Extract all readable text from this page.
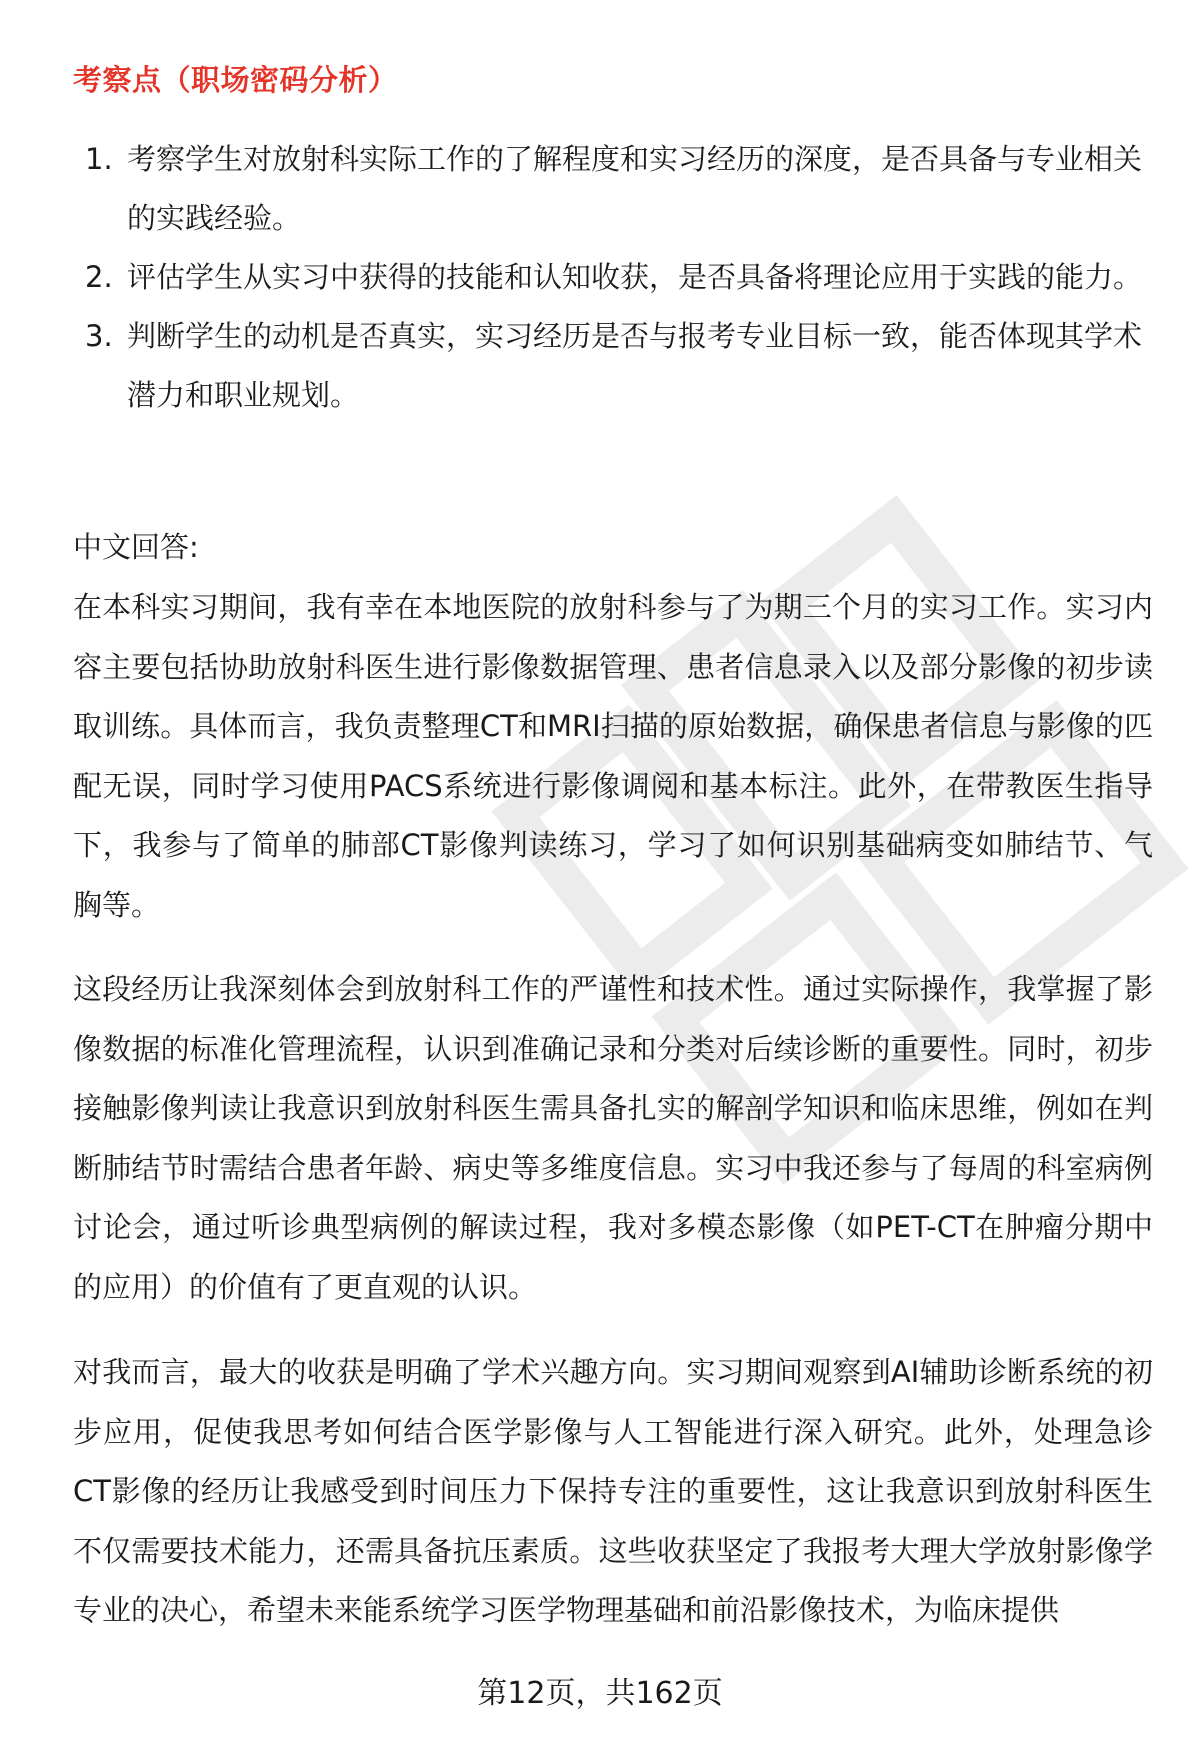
考察点（职场密码分析）
1. 考察学生对放射科实际工作的了解程度和实习经历的深度，是否具备与专业相关的实践经验。
2. 评估学生从实习中获得的技能和认知收获，是否具备将理论应用于实践的能力。
3. 判断学生的动机是否真实，实习经历是否与报考专业目标一致，能否体现其学术潜力和职业规划。
中文回答:

在本科实习期间，我有幸在本地医院的放射科参与了为期三个月的实习工作。实习内容主要包括协助放射科医生进行影像数据管理、患者信息录入以及部分影像的初步读取训练。具体而言，我负责整理CT和MRI扫描的原始数据，确保患者信息与影像的匹配无误，同时学习使用PACS系统进行影像调阅和基本标注。此外，在带教医生指导下，我参与了简单的肺部CT影像判读练习，学习了如何识别基础病变如肺结节、气胸等。

这段经历让我深刻体会到放射科工作的严谨性和技术性。通过实际操作，我掌握了影像数据的标准化管理流程，认识到准确记录和分类对后续诊断的重要性。同时，初步接触影像判读让我意识到放射科医生需具备扎实的解剖学知识和临床思维，例如在判断肺结节时需结合患者年龄、病史等多维度信息。实习中我还参与了每周的科室病例讨论会，通过听诊典型病例的解读过程，我对多模态影像（如PET-CT在肿瘤分期中的应用）的价值有了更直观的认识。

对我而言，最大的收获是明确了学术兴趣方向。实习期间观察到AI辅助诊断系统的初步应用，促使我思考如何结合医学影像与人工智能进行深入研究。此外，处理急诊CT影像的经历让我感受到时间压力下保持专注的重要性，这让我意识到放射科医生不仅需要技术能力，还需具备抗压素质。这些收获坚定了我报考大理大学放射影像学专业的决心，希望未来能系统学习医学物理基础和前沿影像技术，为临床提供

第12页，共162页
